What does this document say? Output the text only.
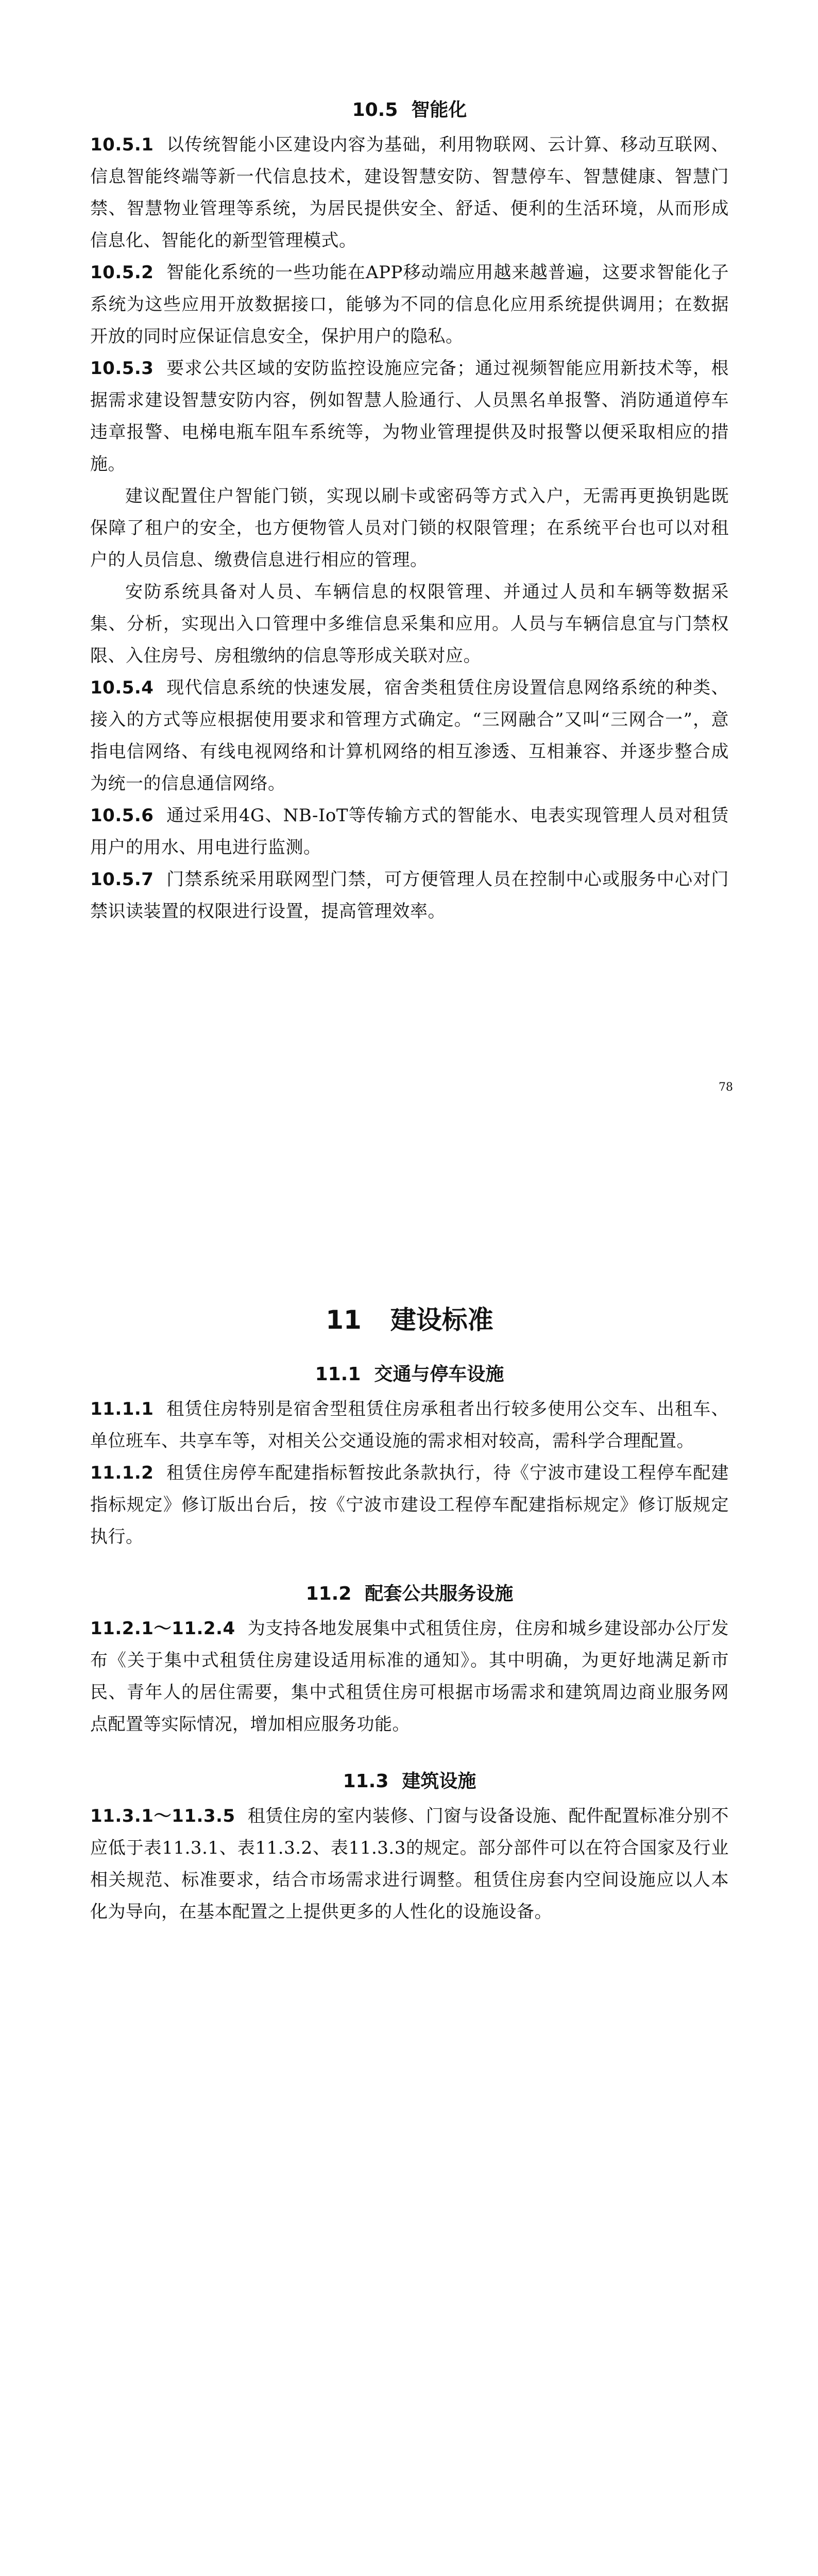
10.5 智能化

10.5.1 以传统智能小区建设内容为基础，利用物联网、云计算、移动互联网、信息智能终端等新一代信息技术，建设智慧安防、智慧停车、智慧健康、智慧门禁、智慧物业管理等系统，为居民提供安全、舒适、便利的生活环境，从而形成信息化、智能化的新型管理模式。

10.5.2 智能化系统的一些功能在APP移动端应用越来越普遍，这要求智能化子系统为这些应用开放数据接口，能够为不同的信息化应用系统提供调用；在数据开放的同时应保证信息安全，保护用户的隐私。

10.5.3 要求公共区域的安防监控设施应完备；通过视频智能应用新技术等，根据需求建设智慧安防内容，例如智慧人脸通行、人员黑名单报警、消防通道停车违章报警、电梯电瓶车阻车系统等，为物业管理提供及时报警以便采取相应的措施。

建议配置住户智能门锁，实现以刷卡或密码等方式入户，无需再更换钥匙既保障了租户的安全，也方便物管人员对门锁的权限管理；在系统平台也可以对租户的人员信息、缴费信息进行相应的管理。

安防系统具备对人员、车辆信息的权限管理、并通过人员和车辆等数据采集、分析，实现出入口管理中多维信息采集和应用。人员与车辆信息宜与门禁权限、入住房号、房租缴纳的信息等形成关联对应。

10.5.4 现代信息系统的快速发展，宿舍类租赁住房设置信息网络系统的种类、接入的方式等应根据使用要求和管理方式确定。“三网融合”又叫“三网合一”，意指电信网络、有线电视网络和计算机网络的相互渗透、互相兼容、并逐步整合成为统一的信息通信网络。

10.5.6 通过采用4G、NB-IoT等传输方式的智能水、电表实现管理人员对租赁用户的用水、用电进行监测。

10.5.7 门禁系统采用联网型门禁，可方便管理人员在控制中心或服务中心对门禁识读装置的权限进行设置，提高管理效率。

78
11 建设标准
11.1 交通与停车设施

11.1.1 租赁住房特别是宿舍型租赁住房承租者出行较多使用公交车、出租车、单位班车、共享车等，对相关公交通设施的需求相对较高，需科学合理配置。

11.1.2 租赁住房停车配建指标暂按此条款执行，待《宁波市建设工程停车配建指标规定》修订版出台后，按《宁波市建设工程停车配建指标规定》修订版规定执行。

11.2 配套公共服务设施

11.2.1～11.2.4 为支持各地发展集中式租赁住房，住房和城乡建设部办公厅发布《关于集中式租赁住房建设适用标准的通知》。其中明确，为更好地满足新市民、青年人的居住需要，集中式租赁住房可根据市场需求和建筑周边商业服务网点配置等实际情况，增加相应服务功能。

11.3 建筑设施

11.3.1～11.3.5 租赁住房的室内装修、门窗与设备设施、配件配置标准分别不应低于表11.3.1、表11.3.2、表11.3.3的规定。部分部件可以在符合国家及行业相关规范、标准要求，结合市场需求进行调整。租赁住房套内空间设施应以人本化为导向，在基本配置之上提供更多的人性化的设施设备。
